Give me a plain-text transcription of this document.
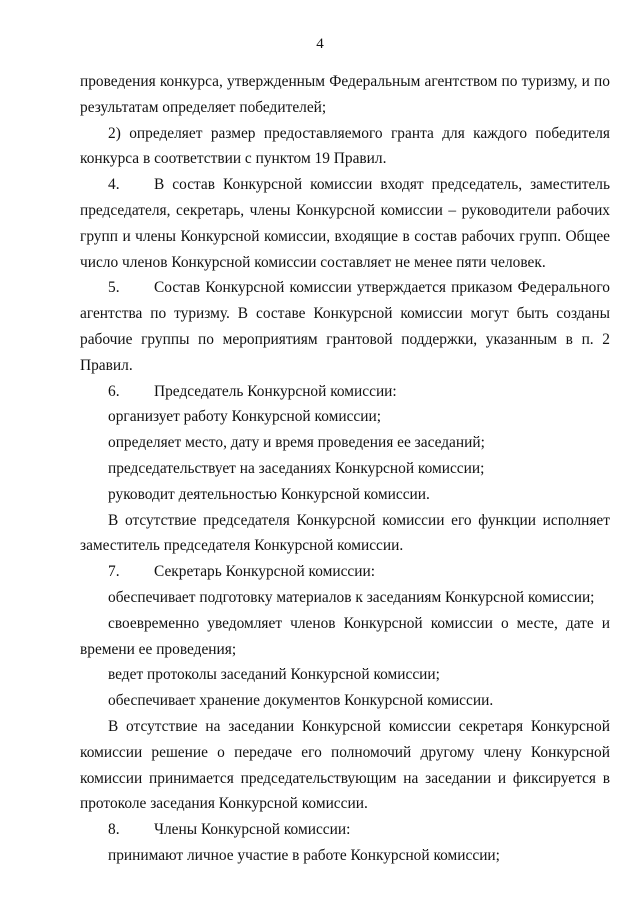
4

проведения конкурса, утвержденным Федеральным агентством по туризму, и по результатам определяет победителей;

2) определяет размер предоставляемого гранта для каждого победителя конкурса в соответствии с пунктом 19 Правил.

4. В состав Конкурсной комиссии входят председатель, заместитель председателя, секретарь, члены Конкурсной комиссии – руководители рабочих групп и члены Конкурсной комиссии, входящие в состав рабочих групп. Общее число членов Конкурсной комиссии составляет не менее пяти человек.

5. Состав Конкурсной комиссии утверждается приказом Федерального агентства по туризму. В составе Конкурсной комиссии могут быть созданы рабочие группы по мероприятиям грантовой поддержки, указанным в п. 2 Правил.

6. Председатель Конкурсной комиссии:

организует работу Конкурсной комиссии;

определяет место, дату и время проведения ее заседаний;

председательствует на заседаниях Конкурсной комиссии;

руководит деятельностью Конкурсной комиссии.

В отсутствие председателя Конкурсной комиссии его функции исполняет заместитель председателя Конкурсной комиссии.

7. Секретарь Конкурсной комиссии:

обеспечивает подготовку материалов к заседаниям Конкурсной комиссии;

своевременно уведомляет членов Конкурсной комиссии о месте, дате и времени ее проведения;

ведет протоколы заседаний Конкурсной комиссии;

обеспечивает хранение документов Конкурсной комиссии.

В отсутствие на заседании Конкурсной комиссии секретаря Конкурсной комиссии решение о передаче его полномочий другому члену Конкурсной комиссии принимается председательствующим на заседании и фиксируется в протоколе заседания Конкурсной комиссии.

8. Члены Конкурсной комиссии:

принимают личное участие в работе Конкурсной комиссии;
